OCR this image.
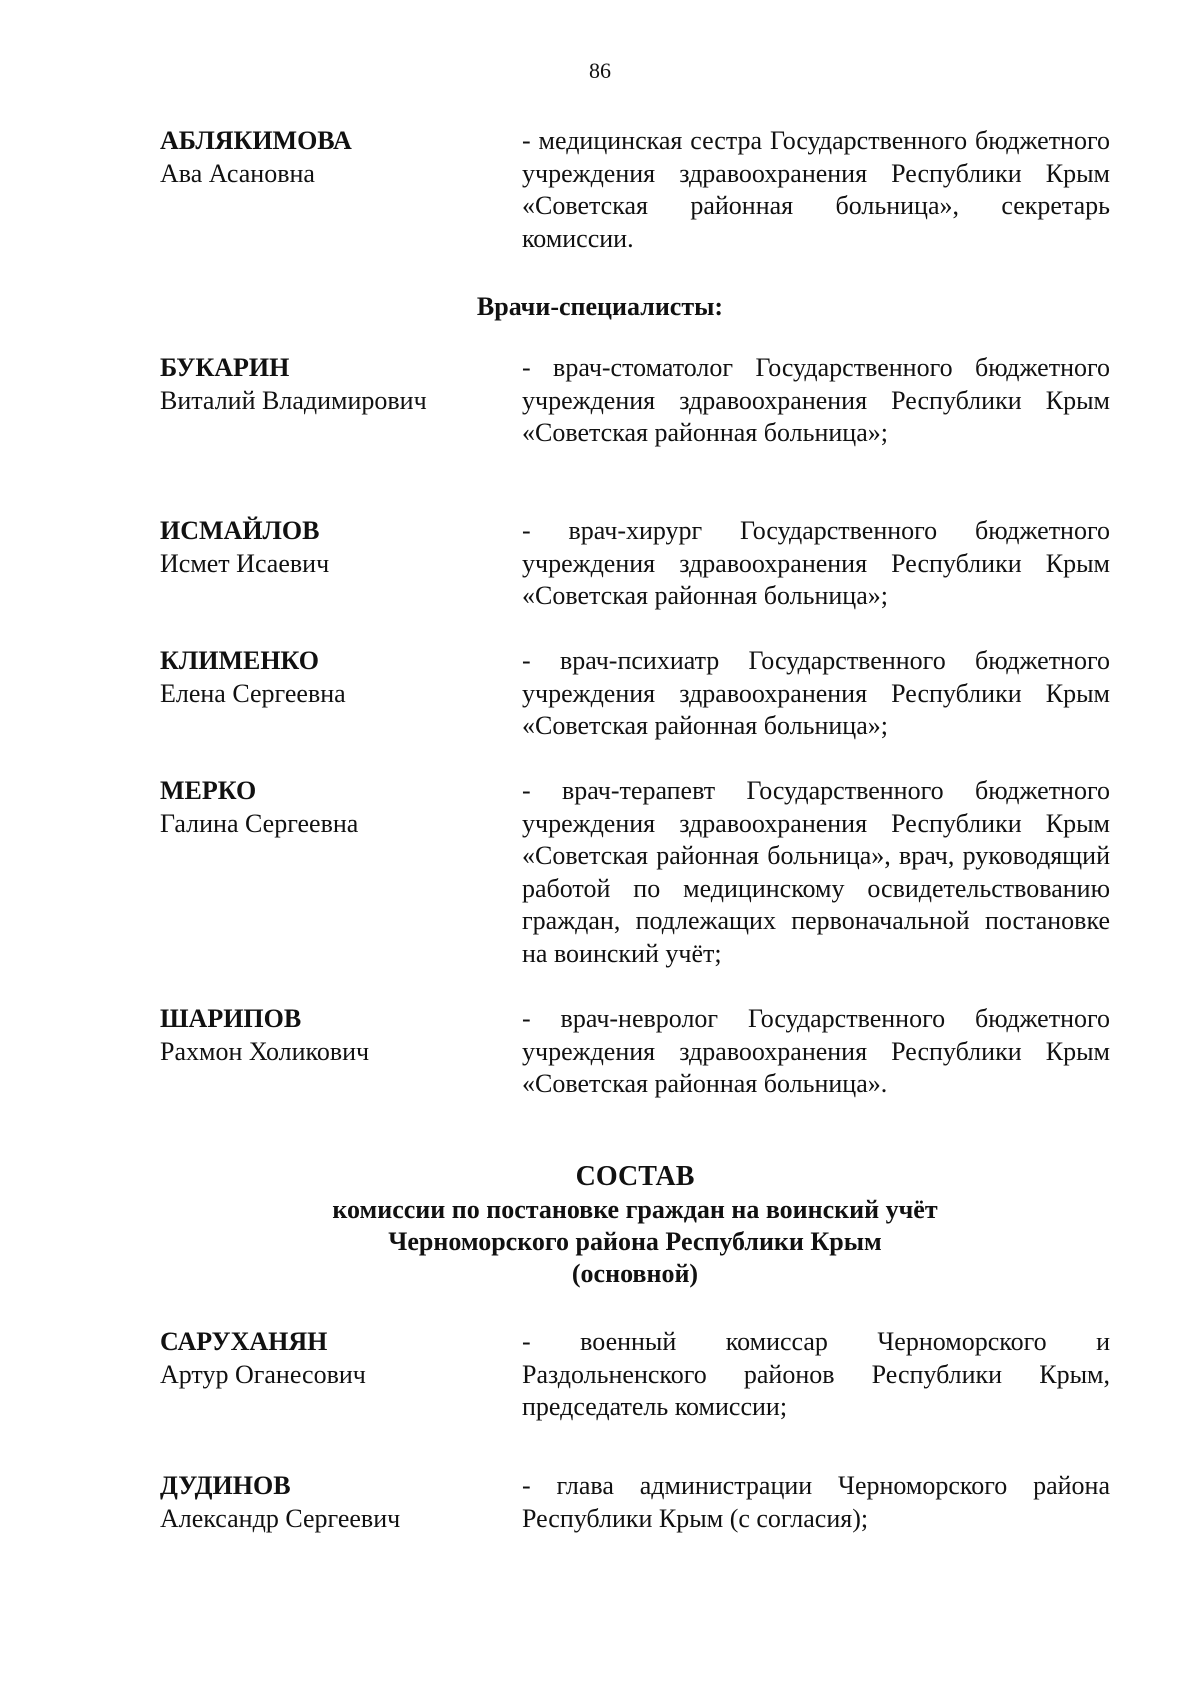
86
АБЛЯКИМОВА
Ава Асановна
- медицинская сестра Государственного бюджетного учреждения здравоохранения Республики Крым «Советская районная больница», секретарь комиссии.
Врачи-специалисты:
БУКАРИН
Виталий Владимирович
- врач-стоматолог Государственного бюджетного учреждения здравоохранения Республики Крым «Советская районная больница»;
ИСМАЙЛОВ
Исмет Исаевич
- врач-хирург Государственного бюджетного учреждения здравоохранения Республики Крым «Советская районная больница»;
КЛИМЕНКО
Елена Сергеевна
- врач-психиатр Государственного бюджетного учреждения здравоохранения Республики Крым «Советская районная больница»;
МЕРКО
Галина Сергеевна
- врач-терапевт Государственного бюджетного учреждения здравоохранения Республики Крым «Советская районная больница», врач, руководящий работой по медицинскому освидетельствованию граждан, подлежащих первоначальной постановке на воинский учёт;
ШАРИПОВ
Рахмон Холикович
- врач-невролог Государственного бюджетного учреждения здравоохранения Республики Крым «Советская районная больница».
СОСТАВ
комиссии по постановке граждан на воинский учёт
Черноморского района Республики Крым
(основной)
САРУХАНЯН
Артур Оганесович
- военный комиссар Черноморского и Раздольненского районов Республики Крым, председатель комиссии;
ДУДИНОВ
Александр Сергеевич
- глава администрации Черноморского района Республики Крым (с согласия);
